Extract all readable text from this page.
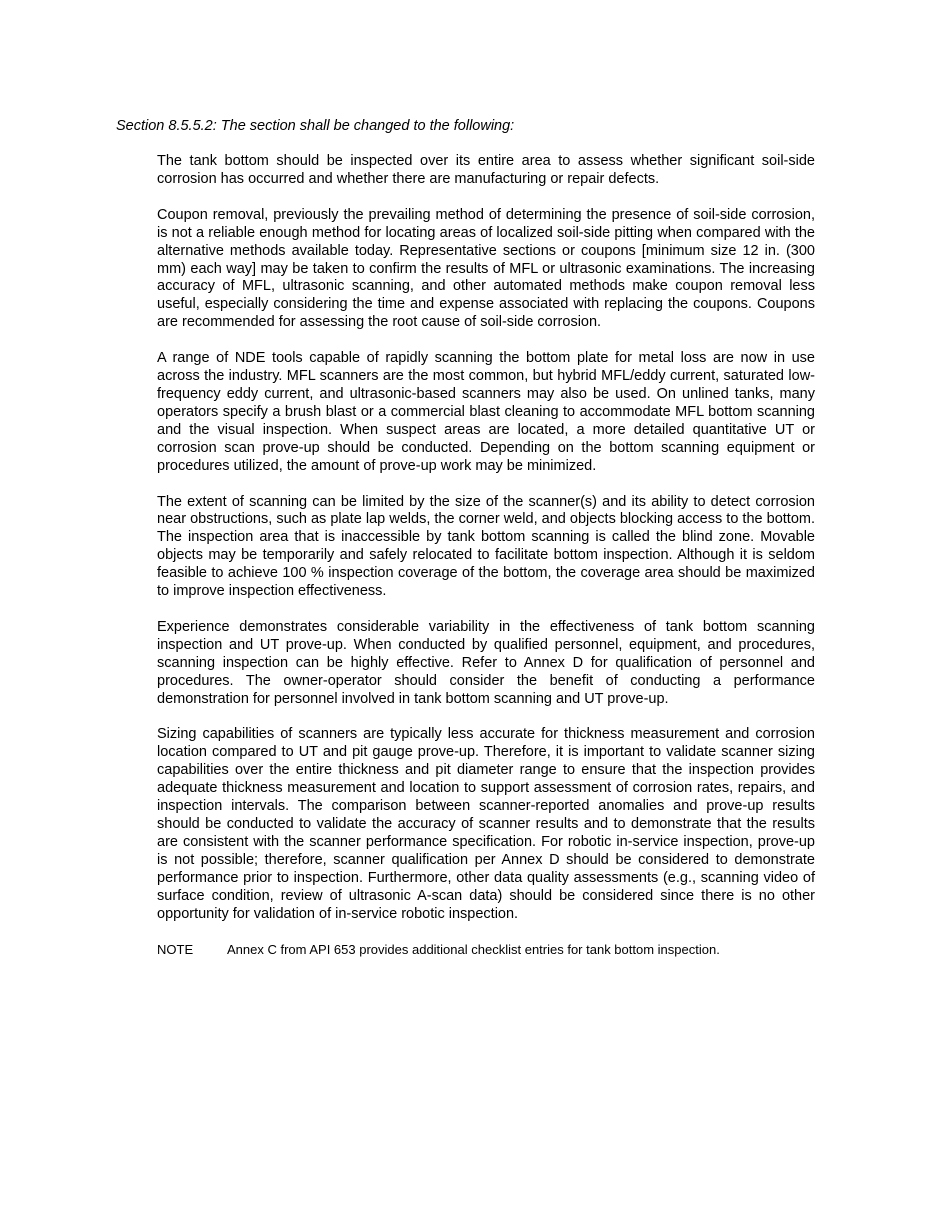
Section 8.5.5.2: The section shall be changed to the following:

The tank bottom should be inspected over its entire area to assess whether significant soil-side corrosion has occurred and whether there are manufacturing or repair defects.

Coupon removal, previously the prevailing method of determining the presence of soil-side corrosion, is not a reliable enough method for locating areas of localized soil-side pitting when compared with the alternative methods available today. Representative sections or coupons [minimum size 12 in. (300 mm) each way] may be taken to confirm the results of MFL or ultrasonic examinations. The increasing accuracy of MFL, ultrasonic scanning, and other automated methods make coupon removal less useful, especially considering the time and expense associated with replacing the coupons. Coupons are recommended for assessing the root cause of soil-side corrosion.

A range of NDE tools capable of rapidly scanning the bottom plate for metal loss are now in use across the industry. MFL scanners are the most common, but hybrid MFL/eddy current, saturated low-frequency eddy current, and ultrasonic-based scanners may also be used. On unlined tanks, many operators specify a brush blast or a commercial blast cleaning to accommodate MFL bottom scanning and the visual inspection. When suspect areas are located, a more detailed quantitative UT or corrosion scan prove-up should be conducted. Depending on the bottom scanning equipment or procedures utilized, the amount of prove-up work may be minimized.

The extent of scanning can be limited by the size of the scanner(s) and its ability to detect corrosion near obstructions, such as plate lap welds, the corner weld, and objects blocking access to the bottom. The inspection area that is inaccessible by tank bottom scanning is called the blind zone. Movable objects may be temporarily and safely relocated to facilitate bottom inspection. Although it is seldom feasible to achieve 100 % inspection coverage of the bottom, the coverage area should be maximized to improve inspection effectiveness.

Experience demonstrates considerable variability in the effectiveness of tank bottom scanning inspection and UT prove-up. When conducted by qualified personnel, equipment, and procedures, scanning inspection can be highly effective. Refer to Annex D for qualification of personnel and procedures. The owner-operator should consider the benefit of conducting a performance demonstration for personnel involved in tank bottom scanning and UT prove-up.

Sizing capabilities of scanners are typically less accurate for thickness measurement and corrosion location compared to UT and pit gauge prove-up. Therefore, it is important to validate scanner sizing capabilities over the entire thickness and pit diameter range to ensure that the inspection provides adequate thickness measurement and location to support assessment of corrosion rates, repairs, and inspection intervals. The comparison between scanner-reported anomalies and prove-up results should be conducted to validate the accuracy of scanner results and to demonstrate that the results are consistent with the scanner performance specification. For robotic in-service inspection, prove-up is not possible; therefore, scanner qualification per Annex D should be considered to demonstrate performance prior to inspection. Furthermore, other data quality assessments (e.g., scanning video of surface condition, review of ultrasonic A-scan data) should be considered since there is no other opportunity for validation of in-service robotic inspection.

NOTE	Annex C from API 653 provides additional checklist entries for tank bottom inspection.
